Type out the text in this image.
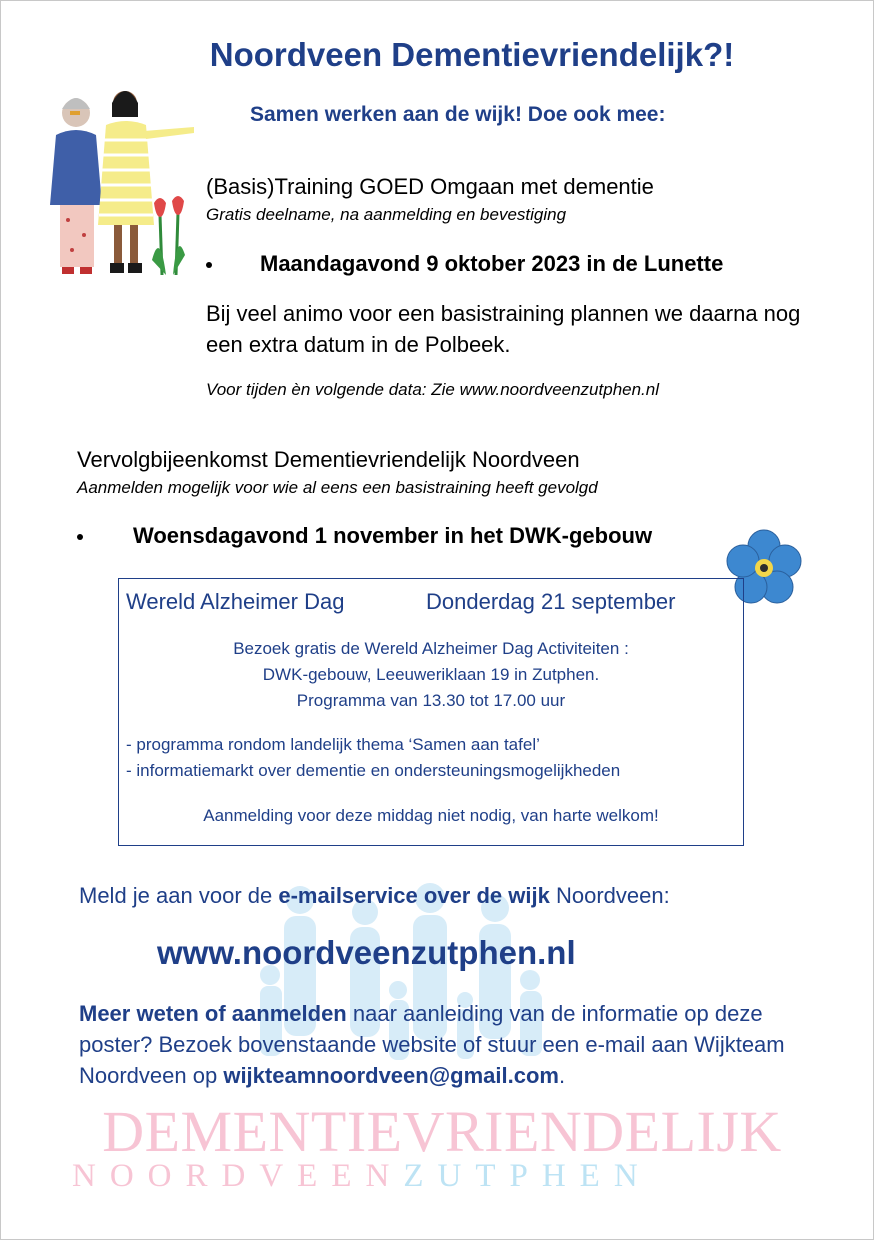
Noordveen Dementievriendelijk?!
Samen werken aan de wijk! Doe ook mee:
(Basis)Training GOED Omgaan met dementie
Gratis deelname, na aanmelding en bevestiging
Maandagavond 9 oktober 2023 in de Lunette
Bij veel animo voor een basistraining plannen we daarna nog een extra datum in de Polbeek.
Voor tijden èn volgende data: Zie www.noordveenzutphen.nl
Vervolgbijeenkomst Dementievriendelijk Noordveen
Aanmelden mogelijk voor wie al eens een basistraining heeft gevolgd
Woensdagavond 1 november in het DWK-gebouw
Wereld Alzheimer Dag	Donderdag 21 september
Bezoek gratis de Wereld Alzheimer Dag Activiteiten :
DWK-gebouw, Leeuweriklaan 19 in Zutphen.
Programma van 13.30 tot 17.00 uur
- programma rondom landelijk thema ‘Samen aan tafel’
- informatiemarkt over dementie en ondersteuningsmogelijkheden
Aanmelding voor deze middag niet nodig, van harte welkom!
Meld je aan voor de e-mailservice over de wijk Noordveen:
www.noordveenzutphen.nl
Meer weten of aanmelden naar aanleiding van de informatie op deze poster? Bezoek bovenstaande website of stuur een e-mail aan Wijkteam Noordveen op wijkteamnoordveen@gmail.com.
DEMENTIEVRIENDELIJK
NOORDVEENZUTPHEN
